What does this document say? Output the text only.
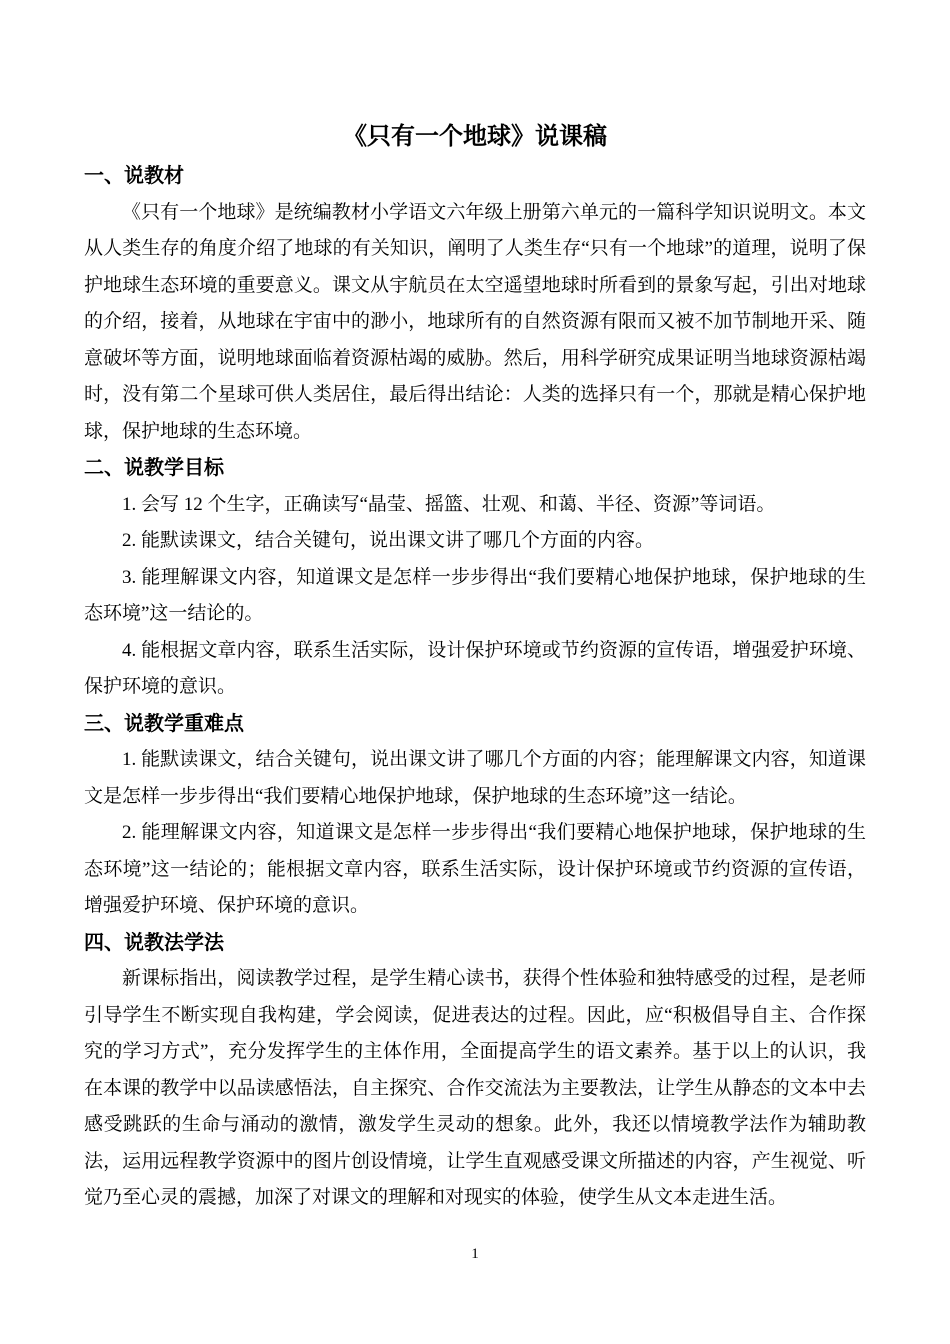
《只有一个地球》说课稿
一、说教材

《只有一个地球》是统编教材小学语文六年级上册第六单元的一篇科学知识说明文。本文从人类生存的角度介绍了地球的有关知识，阐明了人类生存“只有一个地球”的道理，说明了保护地球生态环境的重要意义。课文从宇航员在太空遥望地球时所看到的景象写起，引出对地球的介绍，接着，从地球在宇宙中的渺小，地球所有的自然资源有限而又被不加节制地开采、随意破坏等方面，说明地球面临着资源枯竭的威胁。然后，用科学研究成果证明当地球资源枯竭时，没有第二个星球可供人类居住，最后得出结论：人类的选择只有一个，那就是精心保护地球，保护地球的生态环境。

二、说教学目标

1. 会写 12 个生字，正确读写“晶莹、摇篮、壮观、和蔼、半径、资源”等词语。

2. 能默读课文，结合关键句，说出课文讲了哪几个方面的内容。

3. 能理解课文内容，知道课文是怎样一步步得出“我们要精心地保护地球，保护地球的生态环境”这一结论的。

4. 能根据文章内容，联系生活实际，设计保护环境或节约资源的宣传语，增强爱护环境、保护环境的意识。

三、说教学重难点

1. 能默读课文，结合关键句，说出课文讲了哪几个方面的内容；能理解课文内容，知道课文是怎样一步步得出“我们要精心地保护地球，保护地球的生态环境”这一结论。

2. 能理解课文内容，知道课文是怎样一步步得出“我们要精心地保护地球，保护地球的生态环境”这一结论的；能根据文章内容，联系生活实际，设计保护环境或节约资源的宣传语，增强爱护环境、保护环境的意识。

四、说教法学法

新课标指出，阅读教学过程，是学生精心读书，获得个性体验和独特感受的过程，是老师引导学生不断实现自我构建，学会阅读，促进表达的过程。因此，应“积极倡导自主、合作探究的学习方式”，充分发挥学生的主体作用，全面提高学生的语文素养。基于以上的认识，我在本课的教学中以品读感悟法，自主探究、合作交流法为主要教法，让学生从静态的文本中去感受跳跃的生命与涌动的激情，激发学生灵动的想象。此外，我还以情境教学法作为辅助教法，运用远程教学资源中的图片创设情境，让学生直观感受课文所描述的内容，产生视觉、听觉乃至心灵的震撼，加深了对课文的理解和对现实的体验，使学生从文本走进生活。

1
